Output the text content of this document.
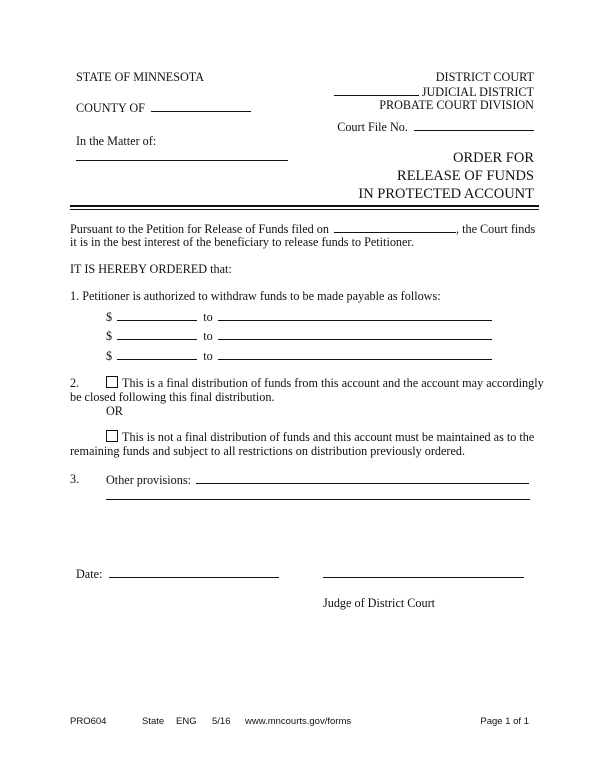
STATE OF MINNESOTA
COUNTY OF
In the Matter of:
DISTRICT COURT
JUDICIAL DISTRICT
PROBATE COURT DIVISION
Court File No.
ORDER FOR
RELEASE OF FUNDS
IN PROTECTED ACCOUNT
Pursuant to the Petition for Release of Funds filed on	, the Court finds
it is in the best interest of the beneficiary to release funds to Petitioner.
IT IS HEREBY ORDERED that:
1. Petitioner is authorized to withdraw funds to be made payable as follows:
$	to
$	to
$	to
2.	This is a final distribution of funds from this account and the account may accordingly
be closed following this final distribution.
OR
This is not a final distribution of funds and this account must be maintained as to the
remaining funds and subject to all restrictions on distribution previously ordered.
3. Other provisions:
Date:
Judge of District Court
PRO604	State ENG 5/16 www.mncourts.gov/forms	Page 1 of 1
